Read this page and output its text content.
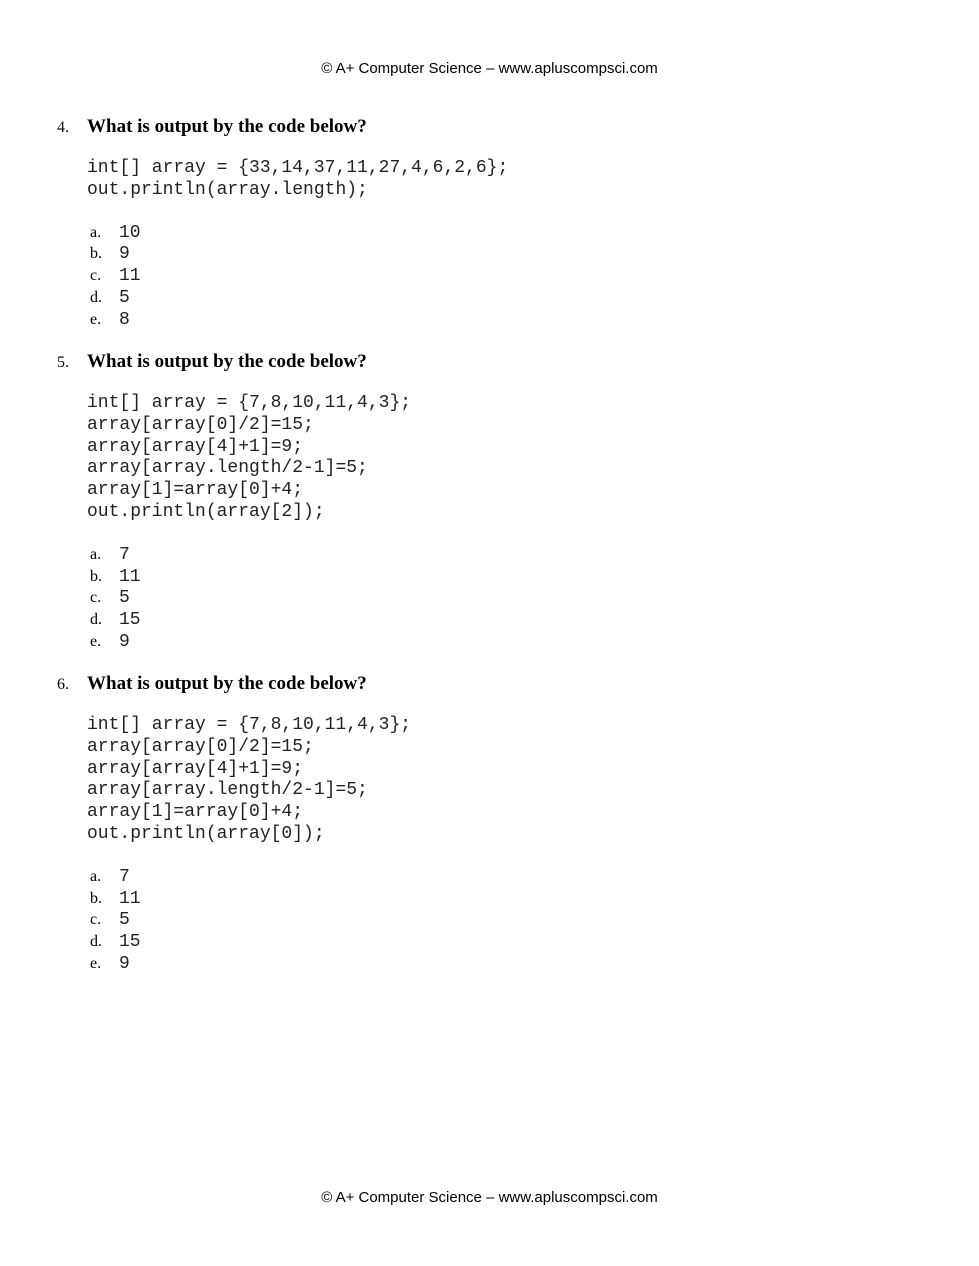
© A+ Computer Science – www.apluscompsci.com
4. What is output by the code below?
int[] array = {33,14,37,11,27,4,6,2,6};
out.println(array.length);
a. 10
b. 9
c. 11
d. 5
e. 8
5. What is output by the code below?
int[] array = {7,8,10,11,4,3};
array[array[0]/2]=15;
array[array[4]+1]=9;
array[array.length/2-1]=5;
array[1]=array[0]+4;
out.println(array[2]);
a. 7
b. 11
c. 5
d. 15
e. 9
6. What is output by the code below?
int[] array = {7,8,10,11,4,3};
array[array[0]/2]=15;
array[array[4]+1]=9;
array[array.length/2-1]=5;
array[1]=array[0]+4;
out.println(array[0]);
a. 7
b. 11
c. 5
d. 15
e. 9
© A+ Computer Science – www.apluscompsci.com
